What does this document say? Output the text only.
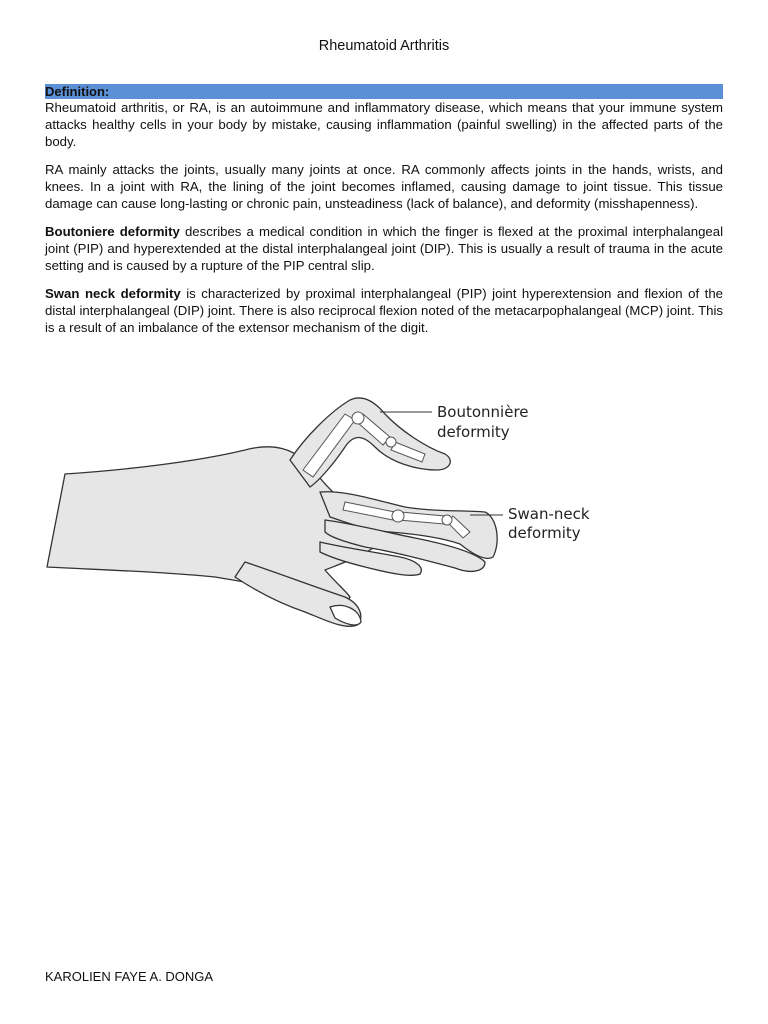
Rheumatoid Arthritis
Definition:

Rheumatoid arthritis, or RA, is an autoimmune and inflammatory disease, which means that your immune system attacks healthy cells in your body by mistake, causing inflammation (painful swelling) in the affected parts of the body.

RA mainly attacks the joints, usually many joints at once. RA commonly affects joints in the hands, wrists, and knees. In a joint with RA, the lining of the joint becomes inflamed, causing damage to joint tissue. This tissue damage can cause long-lasting or chronic pain, unsteadiness (lack of balance), and deformity (misshapenness).

Boutoniere deformity describes a medical condition in which the finger is flexed at the proximal interphalangeal joint (PIP) and hyperextended at the distal interphalangeal joint (DIP). This is usually a result of trauma in the acute setting and is caused by a rupture of the PIP central slip.

Swan neck deformity is characterized by proximal interphalangeal (PIP) joint hyperextension and flexion of the distal interphalangeal (DIP) joint. There is also reciprocal flexion noted of the metacarpophalangeal (MCP) joint. This is a result of an imbalance of the extensor mechanism of the digit.

Boutonnière
deformity
Swan-neck
deformity
KAROLIEN FAYE A. DONGA
